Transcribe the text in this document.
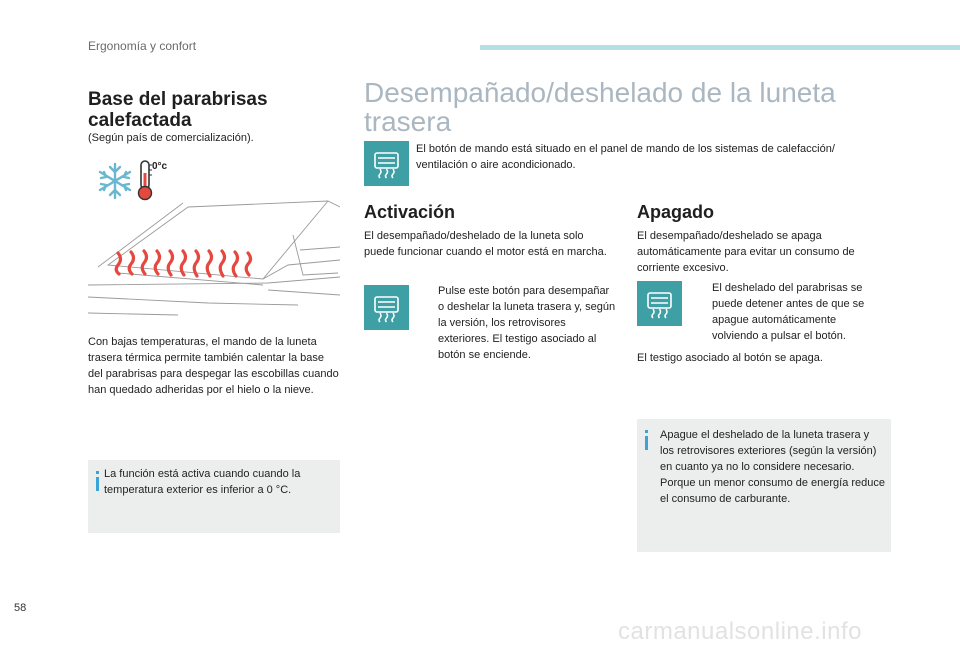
Ergonomía y confort
Base del parabrisas calefactada
(Según país de comercialización).
0°c
Con bajas temperaturas, el mando de la luneta trasera térmica permite también calentar la base del parabrisas para despegar las escobillas cuando han quedado adheridas por el hielo o la nieve.
La función está activa cuando cuando la temperatura exterior es inferior a 0 °C.
Desempañado/deshelado de la luneta trasera
El botón de mando está situado en el panel de mando de los sistemas de calefacción/ ventilación o aire acondicionado.
Activación
El desempañado/deshelado de la luneta solo puede funcionar cuando el motor está en marcha.
Pulse este botón para desempañar o deshelar la luneta trasera y, según la versión, los retrovisores exteriores. El testigo asociado al botón se enciende.
Apagado
El desempañado/deshelado se apaga automáticamente para evitar un consumo de corriente excesivo.
El deshelado del parabrisas se puede detener antes de que se apague automáticamente volviendo a pulsar el botón.
El testigo asociado al botón se apaga.
Apague el deshelado de la luneta trasera y los retrovisores exteriores (según la versión) en cuanto ya no lo considere necesario.
Porque un menor consumo de energía reduce el consumo de carburante.
58
carmanualsonline.info
